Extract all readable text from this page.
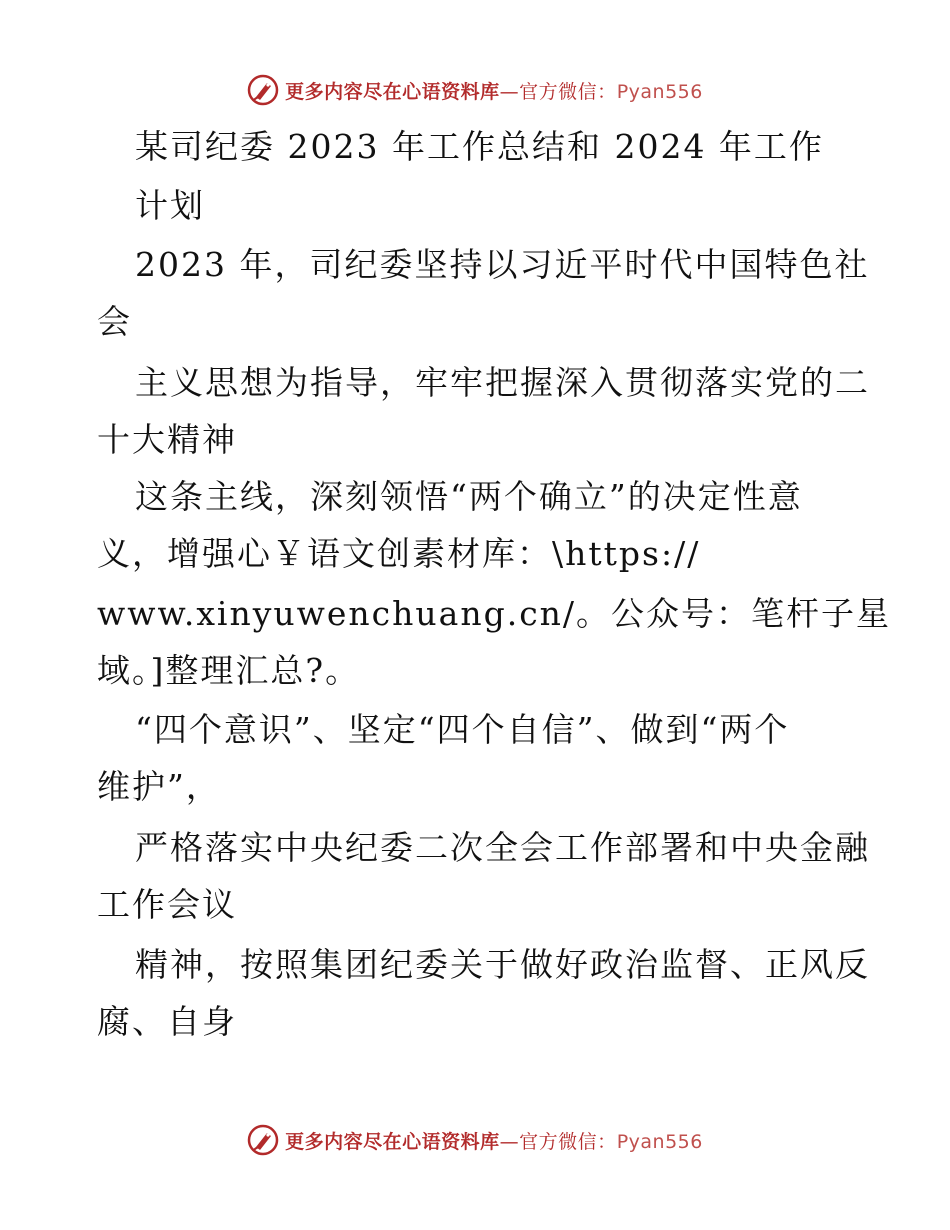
更多内容尽在心语资料库—官方微信：Pyan556
某司纪委 2023 年工作总结和 2024 年工作
计划
2023 年，司纪委坚持以习近平时代中国特色社
会
主义思想为指导，牢牢把握深入贯彻落实党的二
十大精神
这条主线，深刻领悟“两个确立”的决定性意
义，增强心￥语文创素材库：\https://
www.xinyuwenchuang.cn/。公众号：笔杆子星
域。]整理汇总?。
“四个意识”、坚定“四个自信”、做到“两个
维护”，
严格落实中央纪委二次全会工作部署和中央金融
工作会议
精神，按照集团纪委关于做好政治监督、正风反
腐、自身
更多内容尽在心语资料库—官方微信：Pyan556
